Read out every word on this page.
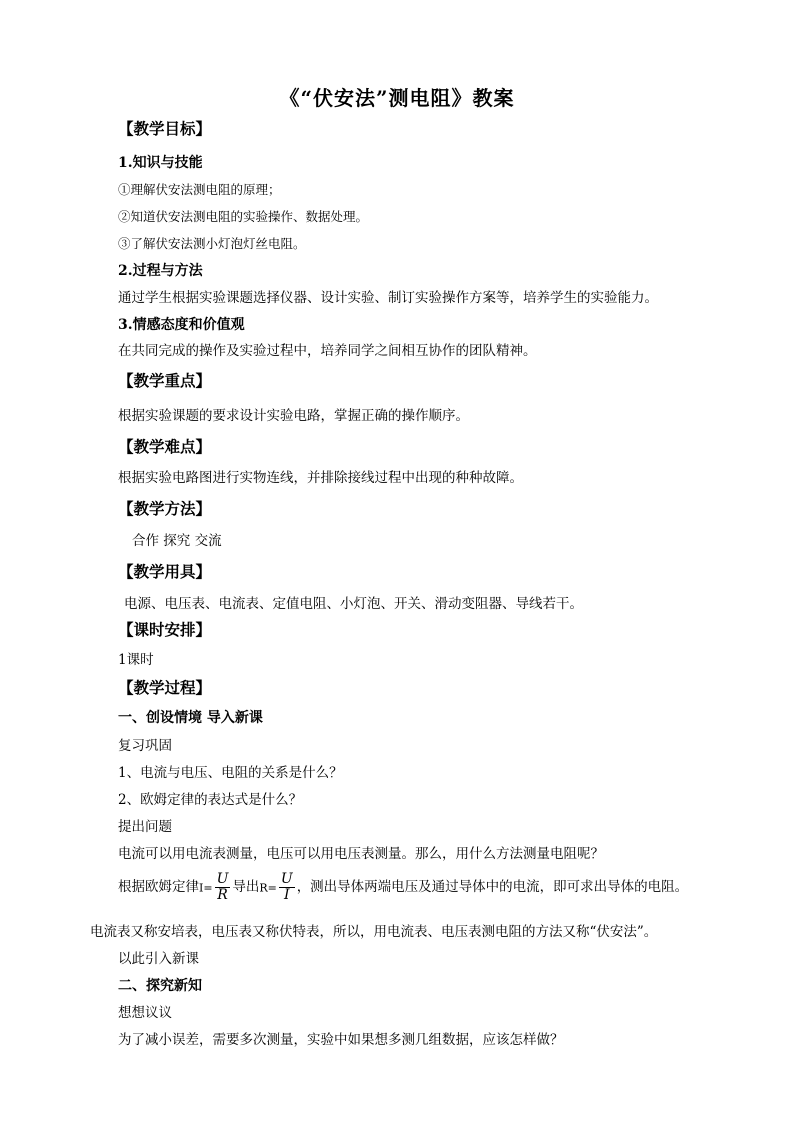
《“伏安法”测电阻》教案
【教学目标】
1.知识与技能
①理解伏安法测电阻的原理；
②知道伏安法测电阻的实验操作、数据处理。
③了解伏安法测小灯泡灯丝电阻。
2.过程与方法
通过学生根据实验课题选择仪器、设计实验、制订实验操作方案等，培养学生的实验能力。
3.情感态度和价值观
在共同完成的操作及实验过程中，培养同学之间相互协作的团队精神。
【教学重点】
根据实验课题的要求设计实验电路，掌握正确的操作顺序。
【教学难点】
根据实验电路图进行实物连线，并排除接线过程中出现的种种故障。
【教学方法】
合作 探究 交流
【教学用具】
电源、电压表、电流表、定值电阻、小灯泡、开关、滑动变阻器、导线若干。
【课时安排】
1课时
【教学过程】
一、创设情境 导入新课
复习巩固
1、电流与电压、电阻的关系是什么？
2、欧姆定律的表达式是什么？
提出问题
电流可以用电流表测量，电压可以用电压表测量。那么，用什么方法测量电阻呢？
根据欧姆定律$I= \frac{U}{R}$ 导出$R= \frac{U}{I}$ ，测出导体两端电压及通过导体中的电流，即可求出导体的电阻。
电流表又称安培表，电压表又称伏特表，所以，用电流表、电压表测电阻的方法又称“伏安法”。
以此引入新课
二、探究新知
想想议议
为了减小误差，需要多次测量，实验中如果想多测几组数据，应该怎样做？
